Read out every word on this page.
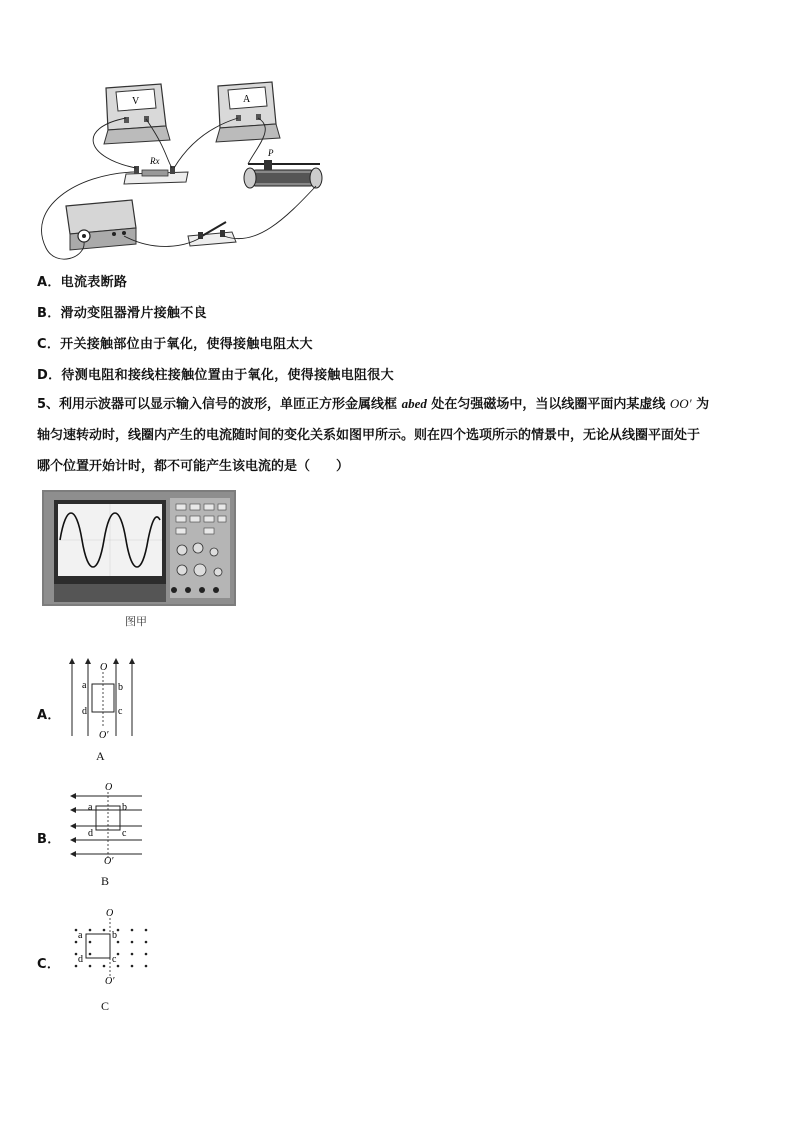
V	A
Rx
P
A．电流表断路
B．滑动变阻器滑片接触不良
C．开关接触部位由于氧化，使得接触电阻太大
D．待测电阻和接线柱接触位置由于氧化，使得接触电阻很大
5、利用示波器可以显示输入信号的波形，单匝正方形金属线框 abed 处在匀强磁场中，当以线圈平面内某虚线 OO′ 为
轴匀速转动时，线圈内产生的电流随时间的变化关系如图甲所示。则在四个选项所示的情景中，无论从线圈平面处于
哪个位置开始计时，都不可能产生该电流的是（　　）
图甲
A．
O
O′
a	b
c
d
A
B．
O
O′
a	b
c
d
B
C．
O
O′
a	b
c
d
C
